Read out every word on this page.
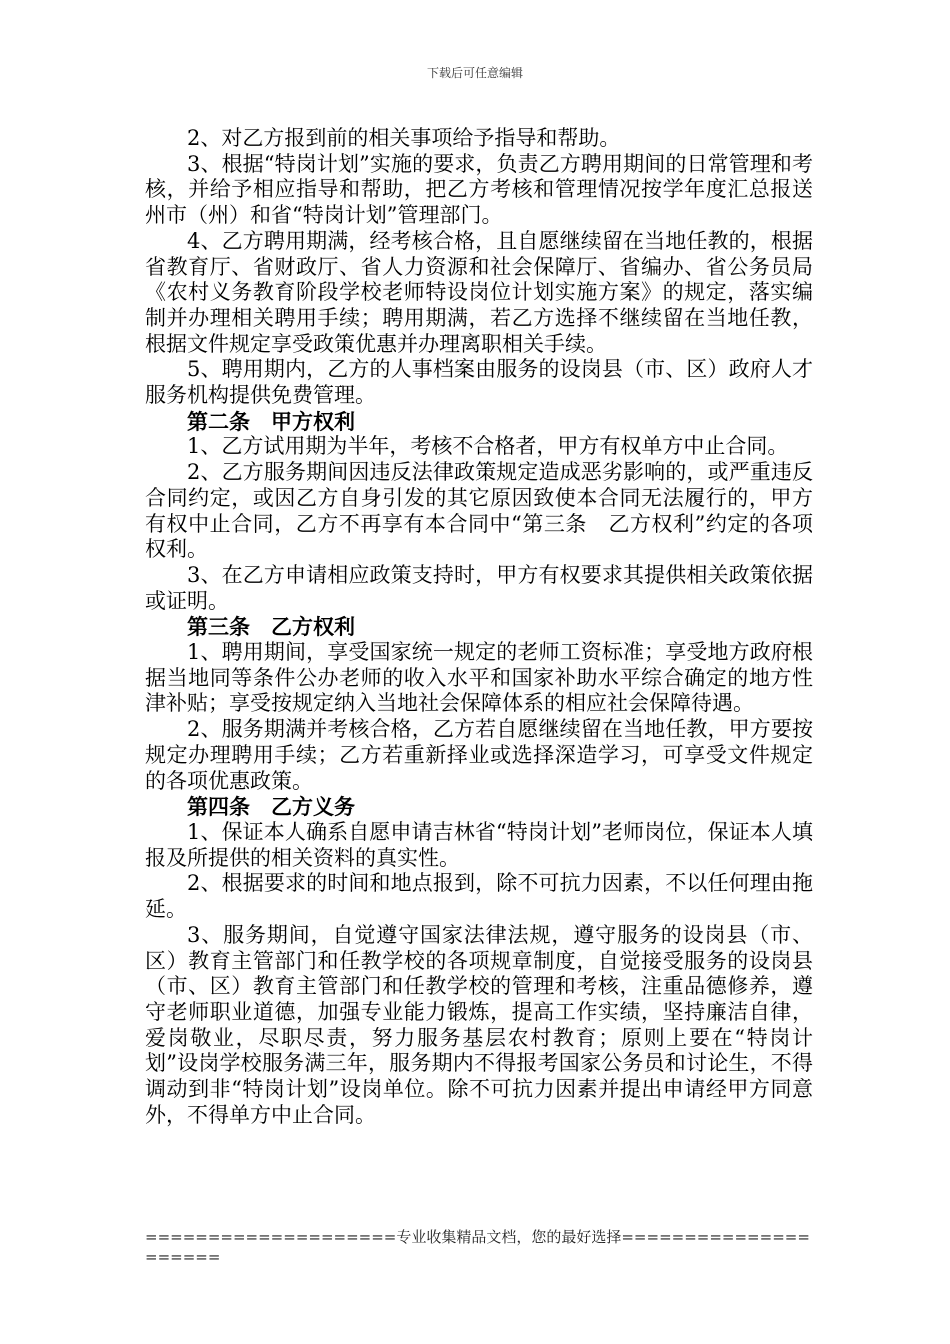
下载后可任意编辑

2、对乙方报到前的相关事项给予指导和帮助。

3、根据“特岗计划”实施的要求，负责乙方聘用期间的日常管理和考核，并给予相应指导和帮助，把乙方考核和管理情况按学年度汇总报送州市（州）和省“特岗计划”管理部门。

4、乙方聘用期满，经考核合格，且自愿继续留在当地任教的，根据省教育厅、省财政厅、省人力资源和社会保障厅、省编办、省公务员局《农村义务教育阶段学校老师特设岗位计划实施方案》的规定，落实编制并办理相关聘用手续；聘用期满，若乙方选择不继续留在当地任教，根据文件规定享受政策优惠并办理离职相关手续。

5、聘用期内，乙方的人事档案由服务的设岗县（市、区）政府人才服务机构提供免费管理。

第二条　甲方权利

1、乙方试用期为半年，考核不合格者，甲方有权单方中止合同。

2、乙方服务期间因违反法律政策规定造成恶劣影响的，或严重违反合同约定，或因乙方自身引发的其它原因致使本合同无法履行的，甲方有权中止合同，乙方不再享有本合同中“第三条　乙方权利”约定的各项权利。

3、在乙方申请相应政策支持时，甲方有权要求其提供相关政策依据或证明。

第三条　乙方权利

1、聘用期间，享受国家统一规定的老师工资标准；享受地方政府根据当地同等条件公办老师的收入水平和国家补助水平综合确定的地方性津补贴；享受按规定纳入当地社会保障体系的相应社会保障待遇。

2、服务期满并考核合格，乙方若自愿继续留在当地任教，甲方要按规定办理聘用手续；乙方若重新择业或选择深造学习，可享受文件规定的各项优惠政策。

第四条　乙方义务

1、保证本人确系自愿申请吉林省“特岗计划”老师岗位，保证本人填报及所提供的相关资料的真实性。

2、根据要求的时间和地点报到，除不可抗力因素，不以任何理由拖延。

3、服务期间，自觉遵守国家法律法规，遵守服务的设岗县（市、区）教育主管部门和任教学校的各项规章制度，自觉接受服务的设岗县（市、区）教育主管部门和任教学校的管理和考核，注重品德修养，遵守老师职业道德，加强专业能力锻炼，提高工作实绩，坚持廉洁自律，爱岗敬业，尽职尽责，努力服务基层农村教育；原则上要在“特岗计划”设岗学校服务满三年，服务期内不得报考国家公务员和讨论生，不得调动到非“特岗计划”设岗单位。除不可抗力因素并提出申请经甲方同意外，不得单方中止合同。

====================专业收集精品文档，您的最好选择=====================
